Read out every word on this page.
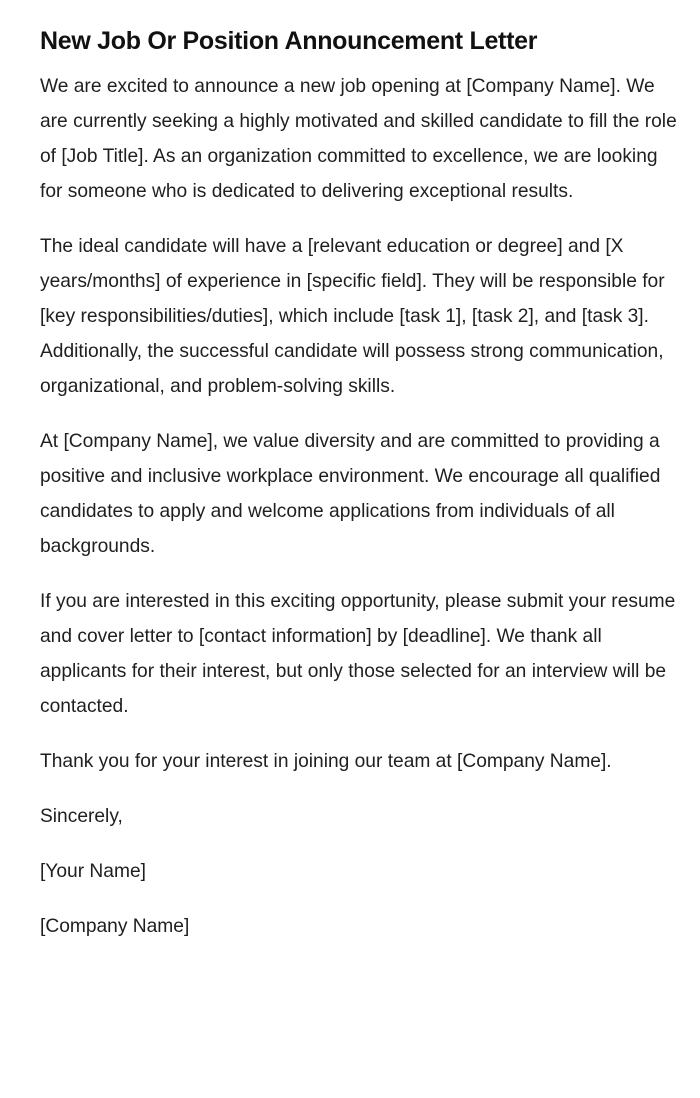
New Job Or Position Announcement Letter

We are excited to announce a new job opening at [Company Name]. We are currently seeking a highly motivated and skilled candidate to fill the role of [Job Title]. As an organization committed to excellence, we are looking for someone who is dedicated to delivering exceptional results.

The ideal candidate will have a [relevant education or degree] and [X years/months] of experience in [specific field]. They will be responsible for [key responsibilities/duties], which include [task 1], [task 2], and [task 3]. Additionally, the successful candidate will possess strong communication, organizational, and problem-solving skills.

At [Company Name], we value diversity and are committed to providing a positive and inclusive workplace environment. We encourage all qualified candidates to apply and welcome applications from individuals of all backgrounds.

If you are interested in this exciting opportunity, please submit your resume and cover letter to [contact information] by [deadline]. We thank all applicants for their interest, but only those selected for an interview will be contacted.

Thank you for your interest in joining our team at [Company Name].

Sincerely,

[Your Name]

[Company Name]
